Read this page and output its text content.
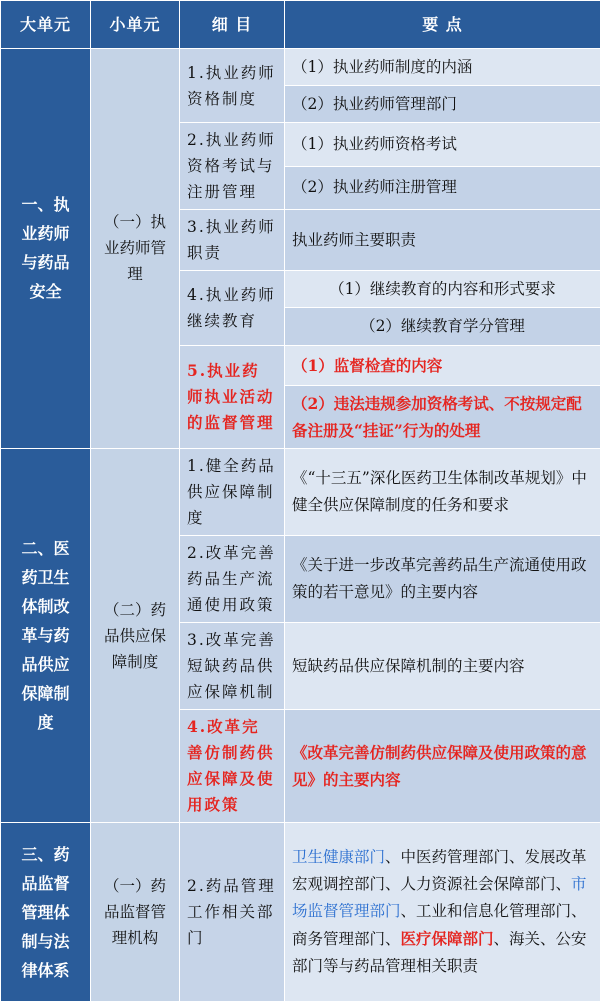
大单元	小单元	细 目	要 点
一、执业药师与药品安全	（一）执业药师管理	1.执业药师资格制度	（1）执业药师制度的内涵
			（2）执业药师管理部门
		2.执业药师资格考试与注册管理	（1）执业药师资格考试
			（2）执业药师注册管理
		3.执业药师职责	执业药师主要职责
		4.执业药师继续教育	（1）继续教育的内容和形式要求
			（2）继续教育学分管理
		5.执业药师执业活动的监督管理	（1）监督检查的内容
			（2）违法违规参加资格考试、不按规定配备注册及“挂证”行为的处理
二、医药卫生体制改革与药品供应保障制度	（二）药品供应保障制度	1.健全药品供应保障制度	《“十三五”深化医药卫生体制改革规划》中健全供应保障制度的任务和要求
		2.改革完善药品生产流通使用政策	《关于进一步改革完善药品生产流通使用政策的若干意见》的主要内容
		3.改革完善短缺药品供应保障机制	短缺药品供应保障机制的主要内容
		4.改革完善仿制药供应保障及使用政策	《改革完善仿制药供应保障及使用政策的意见》的主要内容
三、药品监督管理体制与法律体系	（一）药品监督管理机构	2.药品管理工作相关部门	卫生健康部门、中医药管理部门、发展改革宏观调控部门、人力资源社会保障部门、市场监督管理部门、工业和信息化管理部门、商务管理部门、医疗保障部门、海关、公安部门等与药品管理相关职责
